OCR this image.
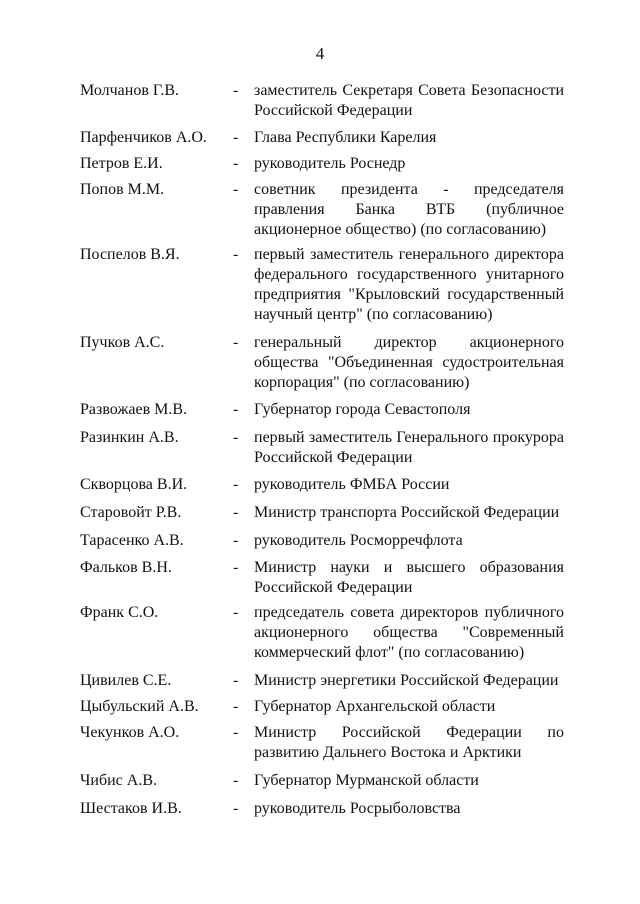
4
Молчанов Г.В.	- заместитель Секретаря Совета Безопасности Российской Федерации
Парфенчиков А.О. - Глава Республики Карелия
Петров Е.И.	- руководитель Роснедр
Попов М.М.	- советник президента - председателя правления Банка ВТБ (публичное акционерное общество) (по согласованию)
Поспелов В.Я.	- первый заместитель генерального директора федерального государственного унитарного предприятия "Крыловский государственный научный центр" (по согласованию)
Пучков А.С.	- генеральный директор акционерного общества "Объединенная судостроительная корпорация" (по согласованию)
Развожаев М.В.	- Губернатор города Севастополя
Разинкин А.В.	- первый заместитель Генерального прокурора Российской Федерации
Скворцова В.И.	- руководитель ФМБА России
Старовойт Р.В.	- Министр транспорта Российской Федерации
Тарасенко А.В.	- руководитель Росморречфлота
Фальков В.Н.	- Министр науки и высшего образования Российской Федерации
Франк С.О.	- председатель совета директоров публичного акционерного общества "Современный коммерческий флот" (по согласованию)
Цивилев С.Е.	- Министр энергетики Российской Федерации
Цыбульский А.В. - Губернатор Архангельской области
Чекунков А.О.	- Министр Российской Федерации по развитию Дальнего Востока и Арктики
Чибис А.В.	- Губернатор Мурманской области
Шестаков И.В.	- руководитель Росрыболовства
